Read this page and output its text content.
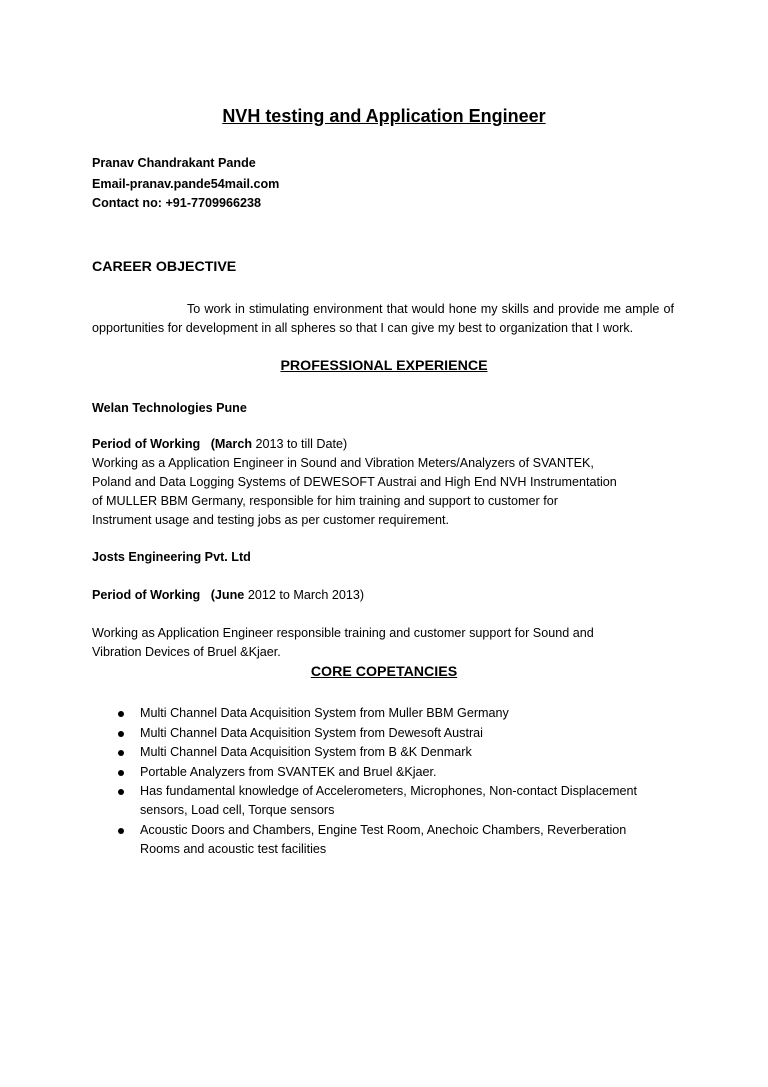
NVH testing and Application Engineer
Pranav Chandrakant Pande
Email-pranav.pande54mail.com
Contact no: +91-7709966238
CAREER OBJECTIVE
To work in stimulating environment that would hone my skills and provide me ample of opportunities for development in all spheres so that I can give my best to organization that I work.
PROFESSIONAL EXPERIENCE
Welan Technologies Pune
Period of Working (March 2013 to till Date)
Working as a Application Engineer in Sound and Vibration Meters/Analyzers of SVANTEK,
Poland and Data Logging Systems of DEWESOFT Austrai and High End NVH Instrumentation
of MULLER BBM Germany, responsible for him training and support to customer for
Instrument usage and testing jobs as per customer requirement.
Josts Engineering Pvt. Ltd
Period of Working (June 2012 to March 2013)
Working as Application Engineer responsible training and customer support for Sound and
Vibration Devices of Bruel &Kjaer.
CORE COPETANCIES
Multi Channel Data Acquisition System from Muller BBM Germany
Multi Channel Data Acquisition System from Dewesoft Austrai
Multi Channel Data Acquisition System from B &K Denmark
Portable Analyzers from SVANTEK and Bruel &Kjaer.
Has fundamental knowledge of Accelerometers, Microphones, Non-contact Displacement sensors, Load cell, Torque sensors
Acoustic Doors and Chambers, Engine Test Room, Anechoic Chambers, Reverberation Rooms and acoustic test facilities
